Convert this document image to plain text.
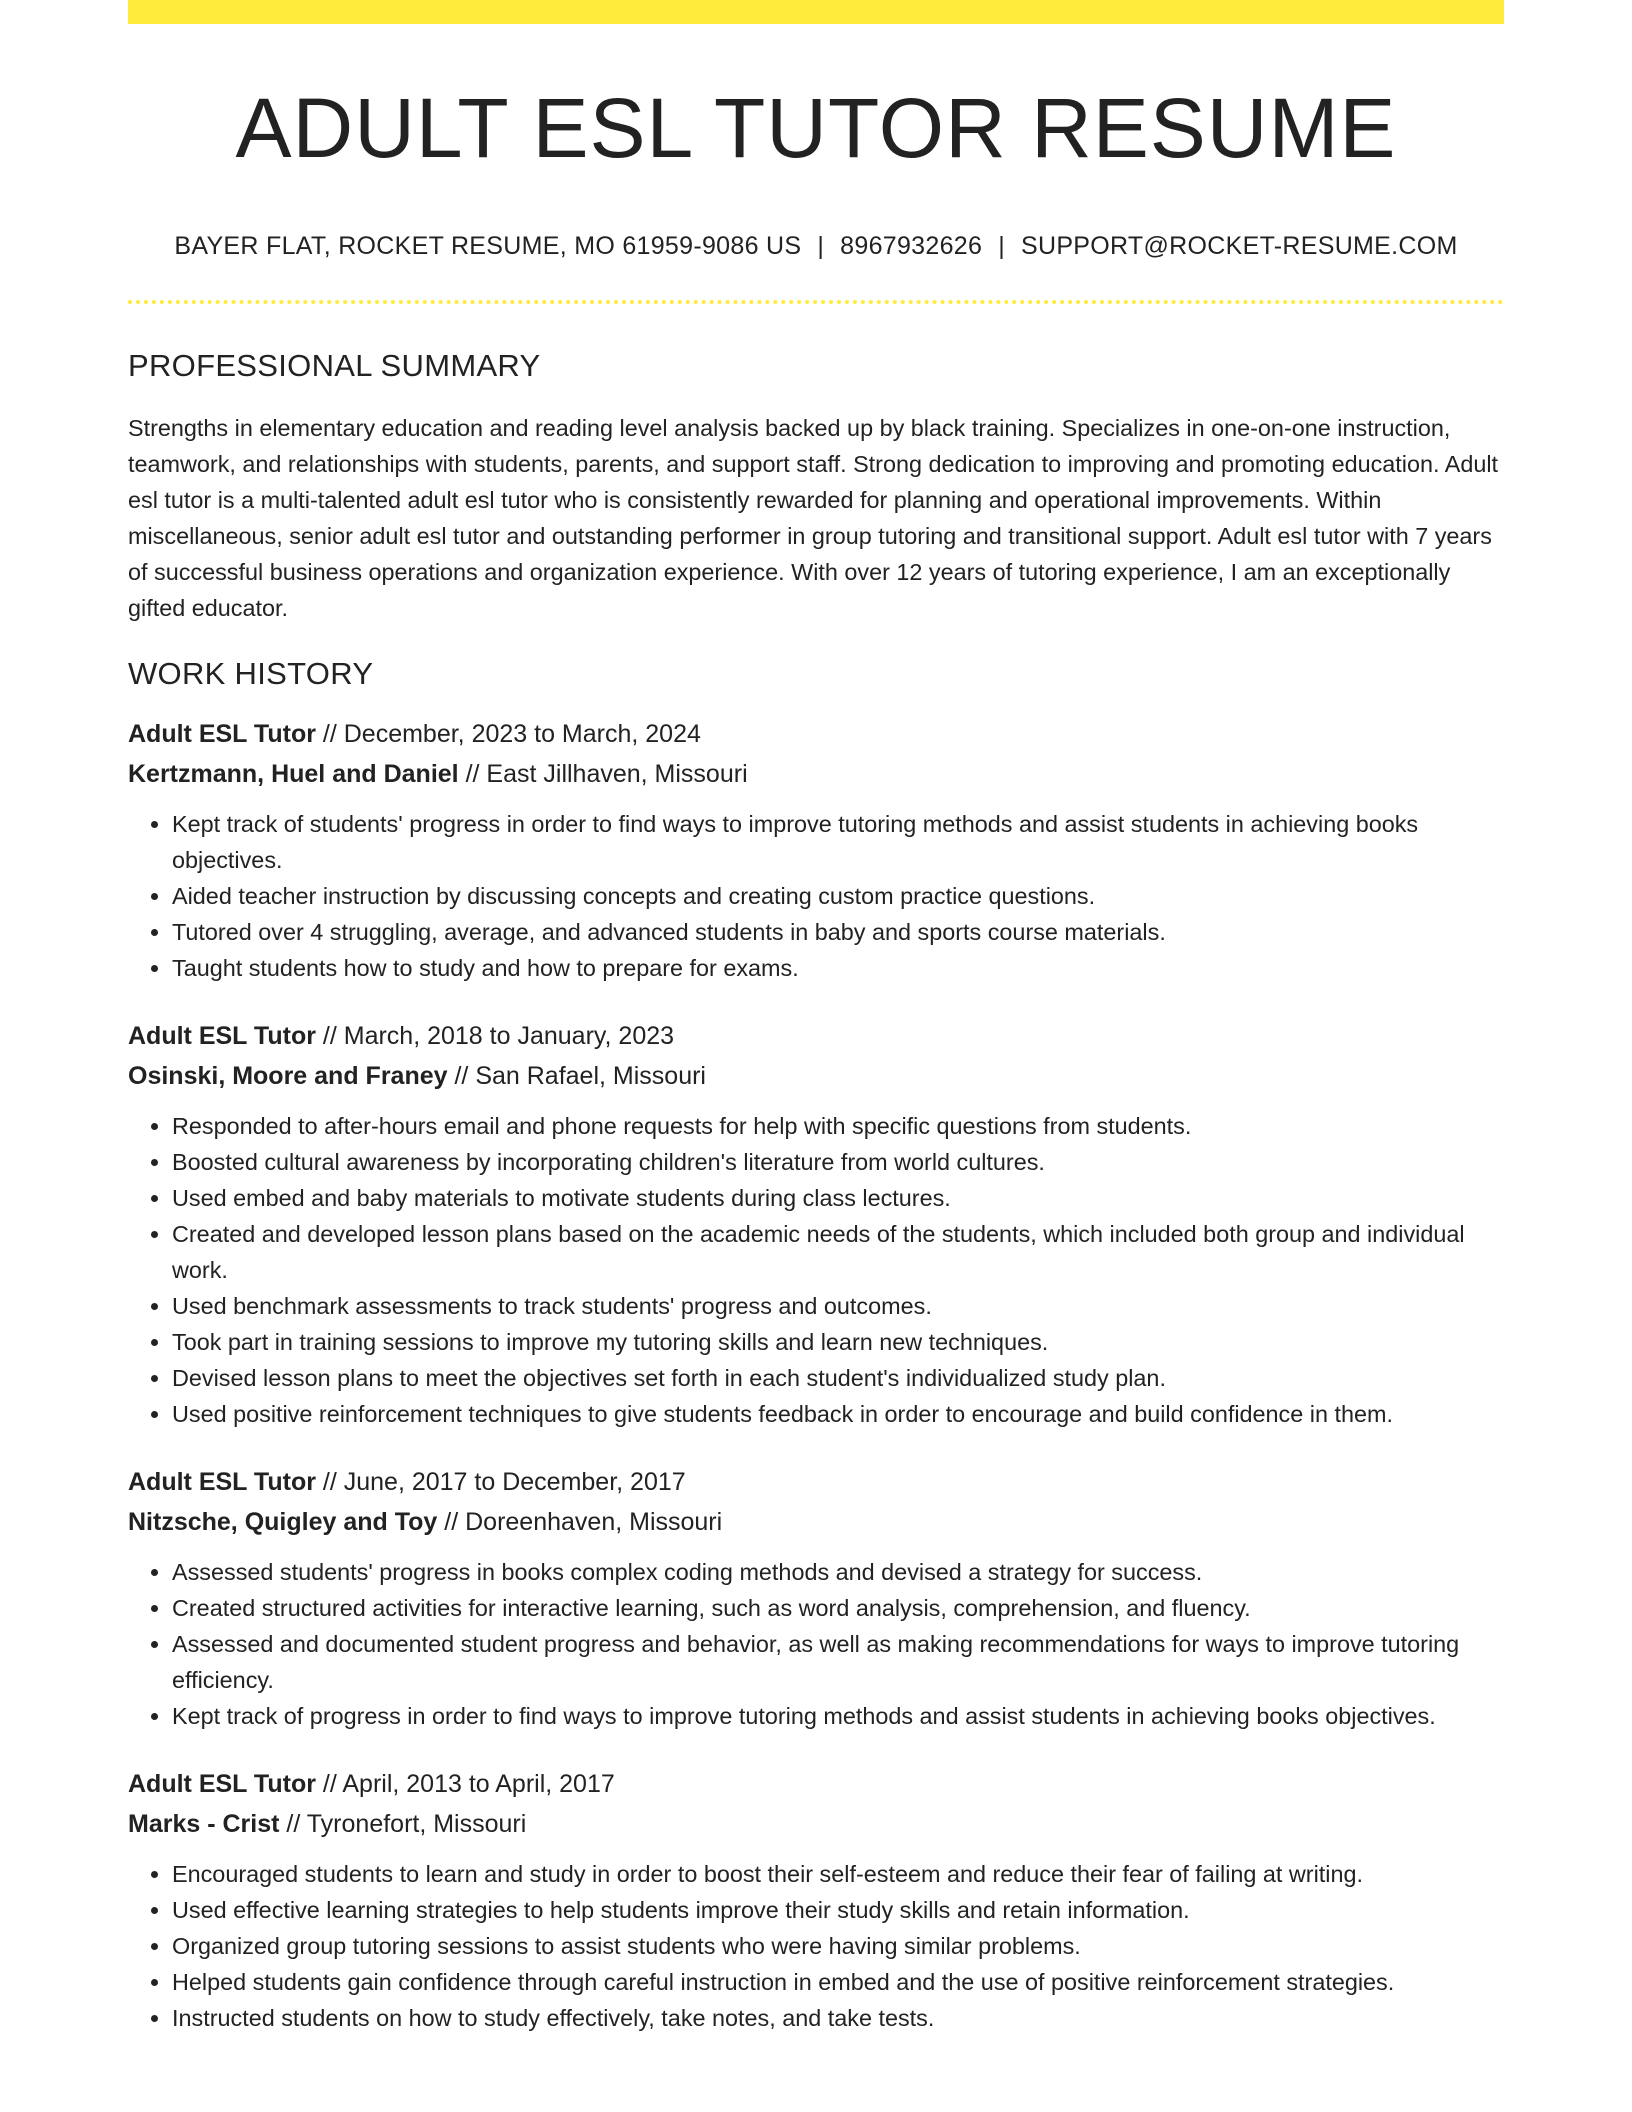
ADULT ESL TUTOR RESUME
BAYER FLAT, ROCKET RESUME, MO 61959-9086 US | 8967932626 | SUPPORT@ROCKET-RESUME.COM
PROFESSIONAL SUMMARY

Strengths in elementary education and reading level analysis backed up by black training. Specializes in one-on-one instruction, teamwork, and relationships with students, parents, and support staff. Strong dedication to improving and promoting education. Adult esl tutor is a multi-talented adult esl tutor who is consistently rewarded for planning and operational improvements. Within miscellaneous, senior adult esl tutor and outstanding performer in group tutoring and transitional support. Adult esl tutor with 7 years of successful business operations and organization experience. With over 12 years of tutoring experience, I am an exceptionally gifted educator.

WORK HISTORY
Adult ESL Tutor // December, 2023 to March, 2024
Kertzmann, Huel and Daniel // East Jillhaven, Missouri
• Kept track of students' progress in order to find ways to improve tutoring methods and assist students in achieving books objectives.
• Aided teacher instruction by discussing concepts and creating custom practice questions.
• Tutored over 4 struggling, average, and advanced students in baby and sports course materials.
• Taught students how to study and how to prepare for exams.
Adult ESL Tutor // March, 2018 to January, 2023
Osinski, Moore and Franey // San Rafael, Missouri
• Responded to after-hours email and phone requests for help with specific questions from students.
• Boosted cultural awareness by incorporating children's literature from world cultures.
• Used embed and baby materials to motivate students during class lectures.
• Created and developed lesson plans based on the academic needs of the students, which included both group and individual work.
• Used benchmark assessments to track students' progress and outcomes.
• Took part in training sessions to improve my tutoring skills and learn new techniques.
• Devised lesson plans to meet the objectives set forth in each student's individualized study plan.
• Used positive reinforcement techniques to give students feedback in order to encourage and build confidence in them.
Adult ESL Tutor // June, 2017 to December, 2017
Nitzsche, Quigley and Toy // Doreenhaven, Missouri
• Assessed students' progress in books complex coding methods and devised a strategy for success.
• Created structured activities for interactive learning, such as word analysis, comprehension, and fluency.
• Assessed and documented student progress and behavior, as well as making recommendations for ways to improve tutoring efficiency.
• Kept track of progress in order to find ways to improve tutoring methods and assist students in achieving books objectives.
Adult ESL Tutor // April, 2013 to April, 2017
Marks - Crist // Tyronefort, Missouri
• Encouraged students to learn and study in order to boost their self-esteem and reduce their fear of failing at writing.
• Used effective learning strategies to help students improve their study skills and retain information.
• Organized group tutoring sessions to assist students who were having similar problems.
• Helped students gain confidence through careful instruction in embed and the use of positive reinforcement strategies.
• Instructed students on how to study effectively, take notes, and take tests.
